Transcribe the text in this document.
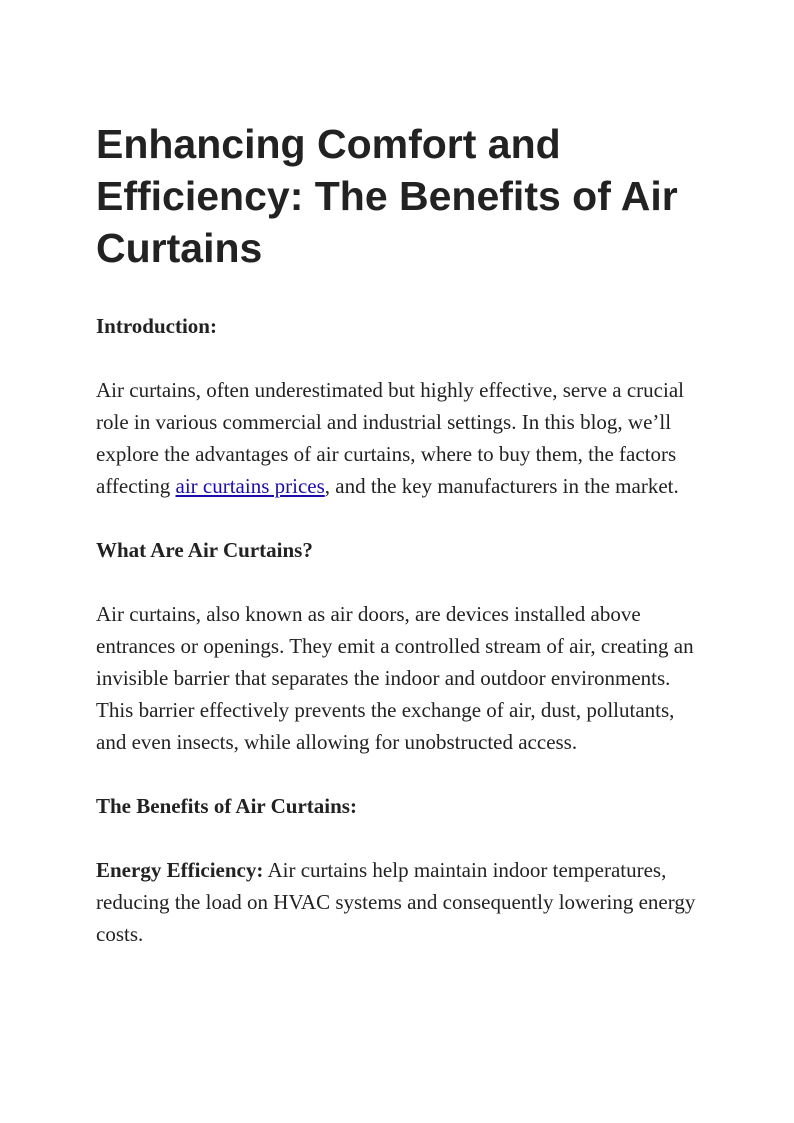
Enhancing Comfort and Efficiency: The Benefits of Air Curtains
Introduction:

Air curtains, often underestimated but highly effective, serve a crucial role in various commercial and industrial settings. In this blog, we’ll explore the advantages of air curtains, where to buy them, the factors affecting air curtains prices, and the key manufacturers in the market.

What Are Air Curtains?

Air curtains, also known as air doors, are devices installed above entrances or openings. They emit a controlled stream of air, creating an invisible barrier that separates the indoor and outdoor environments. This barrier effectively prevents the exchange of air, dust, pollutants, and even insects, while allowing for unobstructed access.

The Benefits of Air Curtains:

Energy Efficiency: Air curtains help maintain indoor temperatures, reducing the load on HVAC systems and consequently lowering energy costs.
